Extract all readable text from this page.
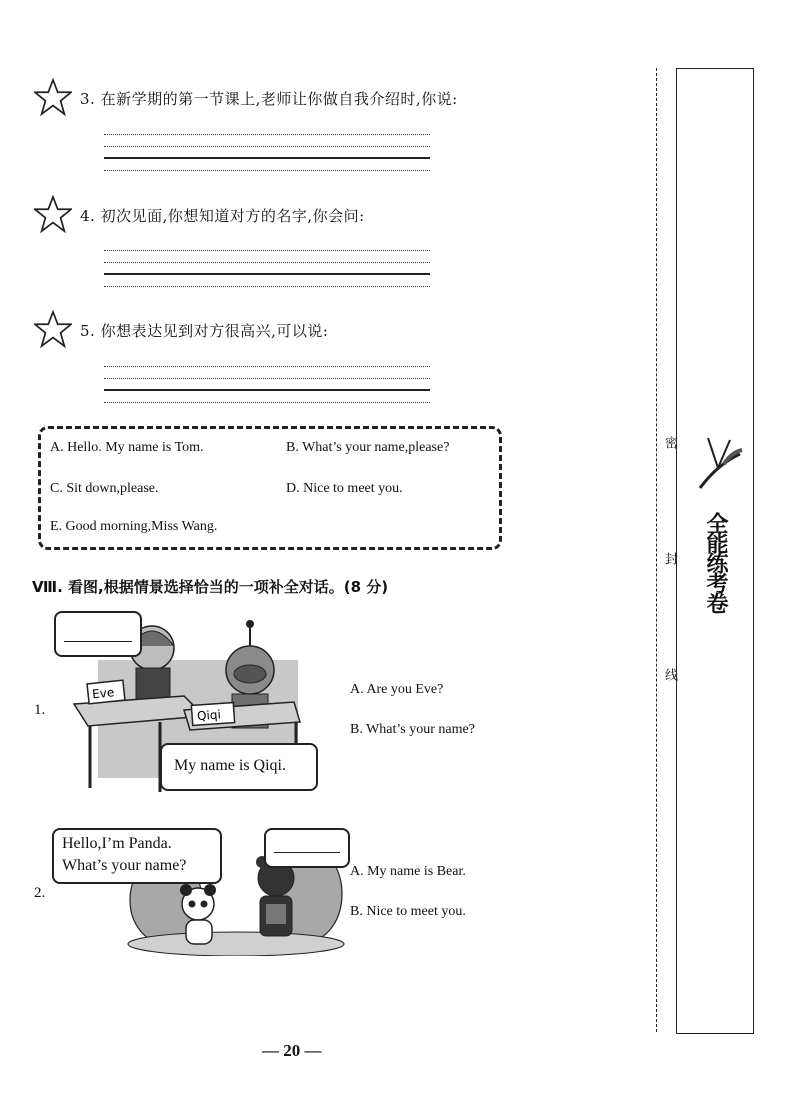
3. 在新学期的第一节课上,老师让你做自我介绍时,你说:
4. 初次见面,你想知道对方的名字,你会问:
5. 你想表达见到对方很高兴,可以说:
A. Hello. My name is Tom.	B. What’s your name,please?
C. Sit down,please.	D. Nice to meet you.
E. Good morning,Miss Wang.
Ⅷ. 看图,根据情景选择恰当的一项补全对话。(8 分)
1.
Eve
Qiqi
My name is Qiqi.
A. Are you Eve?
B. What’s your name?
2.
Hello,I’m Panda.
What’s your name?	A. My name is Bear.
B. Nice to meet you.
密
封
线
全能练考卷
— 20 —
